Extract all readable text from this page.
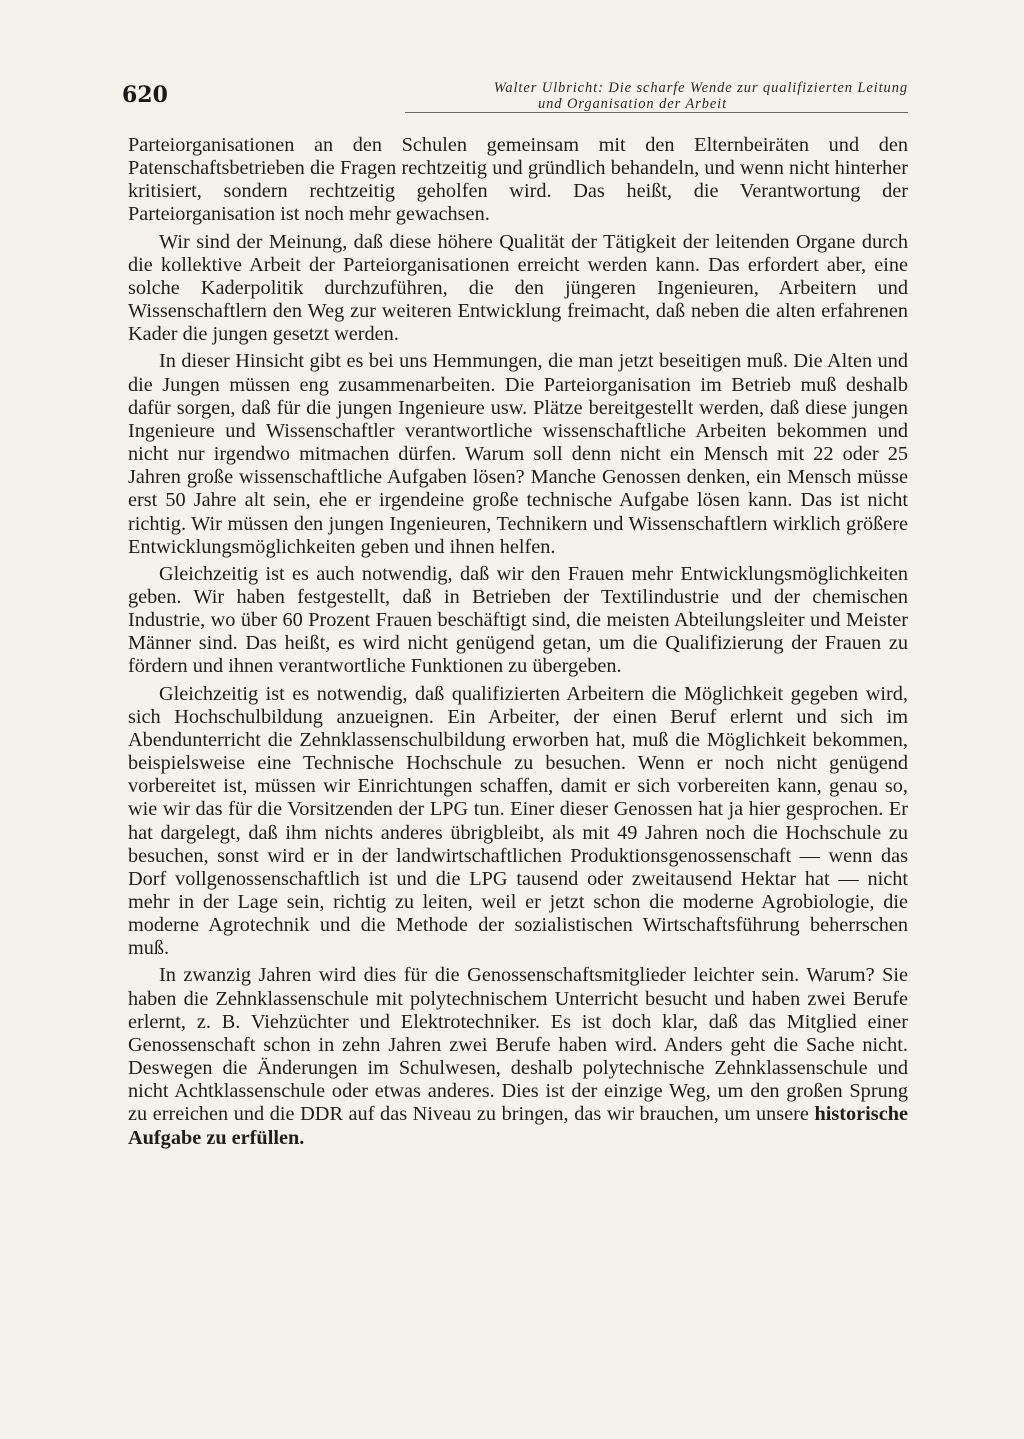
620	Walter Ulbricht: Die scharfe Wende zur qualifizierten Leitung
und Organisation der Arbeit

Parteiorganisationen an den Schulen gemeinsam mit den Elternbeiräten und den Patenschaftsbetrieben die Fragen rechtzeitig und gründlich behandeln, und wenn nicht hinterher kritisiert, sondern rechtzeitig geholfen wird. Das heißt, die Verantwortung der Parteiorganisation ist noch mehr gewachsen.

Wir sind der Meinung, daß diese höhere Qualität der Tätigkeit der leitenden Organe durch die kollektive Arbeit der Parteiorganisationen erreicht werden kann. Das erfordert aber, eine solche Kaderpolitik durchzuführen, die den jüngeren Ingenieuren, Arbeitern und Wissenschaftlern den Weg zur weiteren Entwicklung freimacht, daß neben die alten erfahrenen Kader die jungen gesetzt werden.

In dieser Hinsicht gibt es bei uns Hemmungen, die man jetzt beseitigen muß. Die Alten und die Jungen müssen eng zusammenarbeiten. Die Parteiorganisation im Betrieb muß deshalb dafür sorgen, daß für die jungen Ingenieure usw. Plätze bereitgestellt werden, daß diese jungen Ingenieure und Wissenschaftler verantwortliche wissenschaftliche Arbeiten bekommen und nicht nur irgendwo mitmachen dürfen. Warum soll denn nicht ein Mensch mit 22 oder 25 Jahren große wissenschaftliche Aufgaben lösen? Manche Genossen denken, ein Mensch müsse erst 50 Jahre alt sein, ehe er irgendeine große technische Aufgabe lösen kann. Das ist nicht richtig. Wir müssen den jungen Ingenieuren, Technikern und Wissenschaftlern wirklich größere Entwicklungsmöglichkeiten geben und ihnen helfen.

Gleichzeitig ist es auch notwendig, daß wir den Frauen mehr Entwicklungsmöglichkeiten geben. Wir haben festgestellt, daß in Betrieben der Textilindustrie und der chemischen Industrie, wo über 60 Prozent Frauen beschäftigt sind, die meisten Abteilungsleiter und Meister Männer sind. Das heißt, es wird nicht genügend getan, um die Qualifizierung der Frauen zu fördern und ihnen verantwortliche Funktionen zu übergeben.

Gleichzeitig ist es notwendig, daß qualifizierten Arbeitern die Möglichkeit gegeben wird, sich Hochschulbildung anzueignen. Ein Arbeiter, der einen Beruf erlernt und sich im Abendunterricht die Zehnklassenschulbildung erworben hat, muß die Möglichkeit bekommen, beispielsweise eine Technische Hochschule zu besuchen. Wenn er noch nicht genügend vorbereitet ist, müssen wir Einrichtungen schaffen, damit er sich vorbereiten kann, genau so, wie wir das für die Vorsitzenden der LPG tun. Einer dieser Genossen hat ja hier gesprochen. Er hat dargelegt, daß ihm nichts anderes übrigbleibt, als mit 49 Jahren noch die Hochschule zu besuchen, sonst wird er in der landwirtschaftlichen Produktionsgenossenschaft — wenn das Dorf vollgenossenschaftlich ist und die LPG tausend oder zweitausend Hektar hat — nicht mehr in der Lage sein, richtig zu leiten, weil er jetzt schon die moderne Agrobiologie, die moderne Agrotechnik und die Methode der sozialistischen Wirtschaftsführung beherrschen muß.

In zwanzig Jahren wird dies für die Genossenschaftsmitglieder leichter sein. Warum? Sie haben die Zehnklassenschule mit polytechnischem Unterricht besucht und haben zwei Berufe erlernt, z. B. Viehzüchter und Elektrotechniker. Es ist doch klar, daß das Mitglied einer Genossenschaft schon in zehn Jahren zwei Berufe haben wird. Anders geht die Sache nicht. Deswegen die Änderungen im Schulwesen, deshalb polytechnische Zehnklassenschule und nicht Achtklassenschule oder etwas anderes. Dies ist der einzige Weg, um den großen Sprung zu erreichen und die DDR auf das Niveau zu bringen, das wir brauchen, um unsere historische Aufgabe zu erfüllen.
